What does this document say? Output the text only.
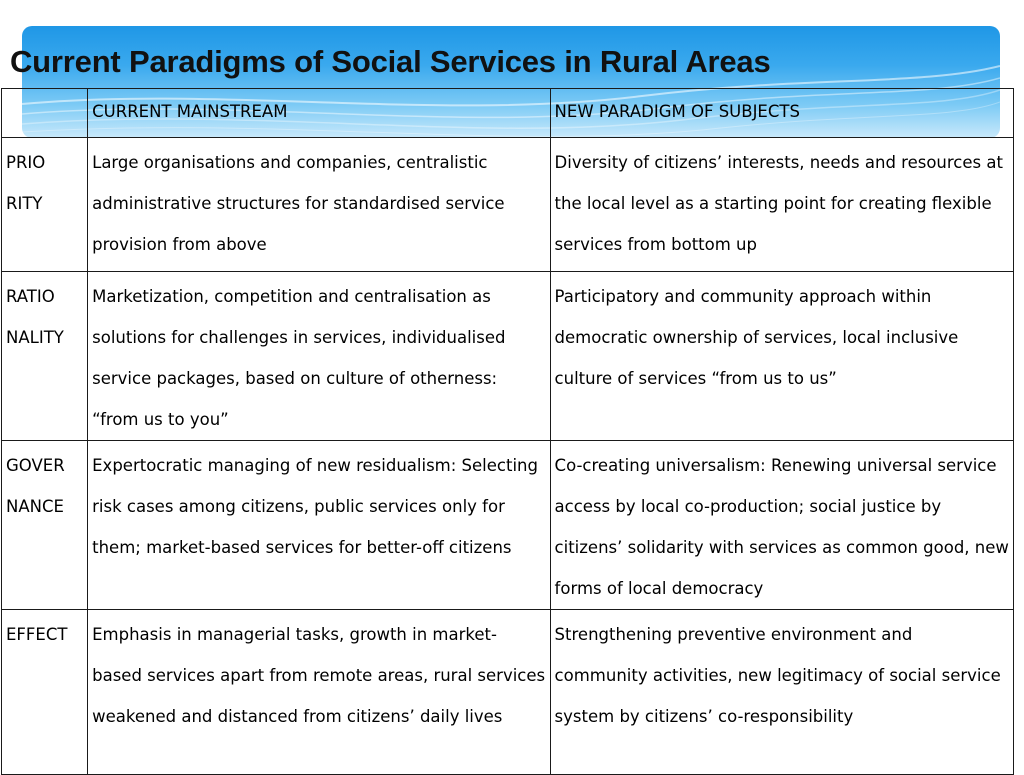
Current Paradigms of Social Services in Rural Areas
	CURRENT MAINSTREAM	NEW PARADIGM OF SUBJECTS

PRIO
RITY	Large organisations and companies, centralistic administrative structures for standardised service provision from above	Diversity of citizens’ interests, needs and resources at the local level as a starting point for creating flexible services from bottom up

RATIO
NALITY	Marketization, competition and centralisation as solutions for challenges in services, individualised service packages, based on culture of otherness: “from us to you”	Participatory and community approach within democratic ownership of services, local inclusive culture of services “from us to us”

GOVER
NANCE	Expertocratic managing of new residualism: Selecting risk cases among citizens, public services only for them; market-based services for better-off citizens	Co-creating universalism: Renewing universal service access by local co-production; social justice by citizens’ solidarity with services as common good, new forms of local democracy

EFFECT	Emphasis in managerial tasks, growth in market-based services apart from remote areas, rural services weakened and distanced from citizens’ daily lives	Strengthening preventive environment and community activities, new legitimacy of social service system by citizens’ co-responsibility
